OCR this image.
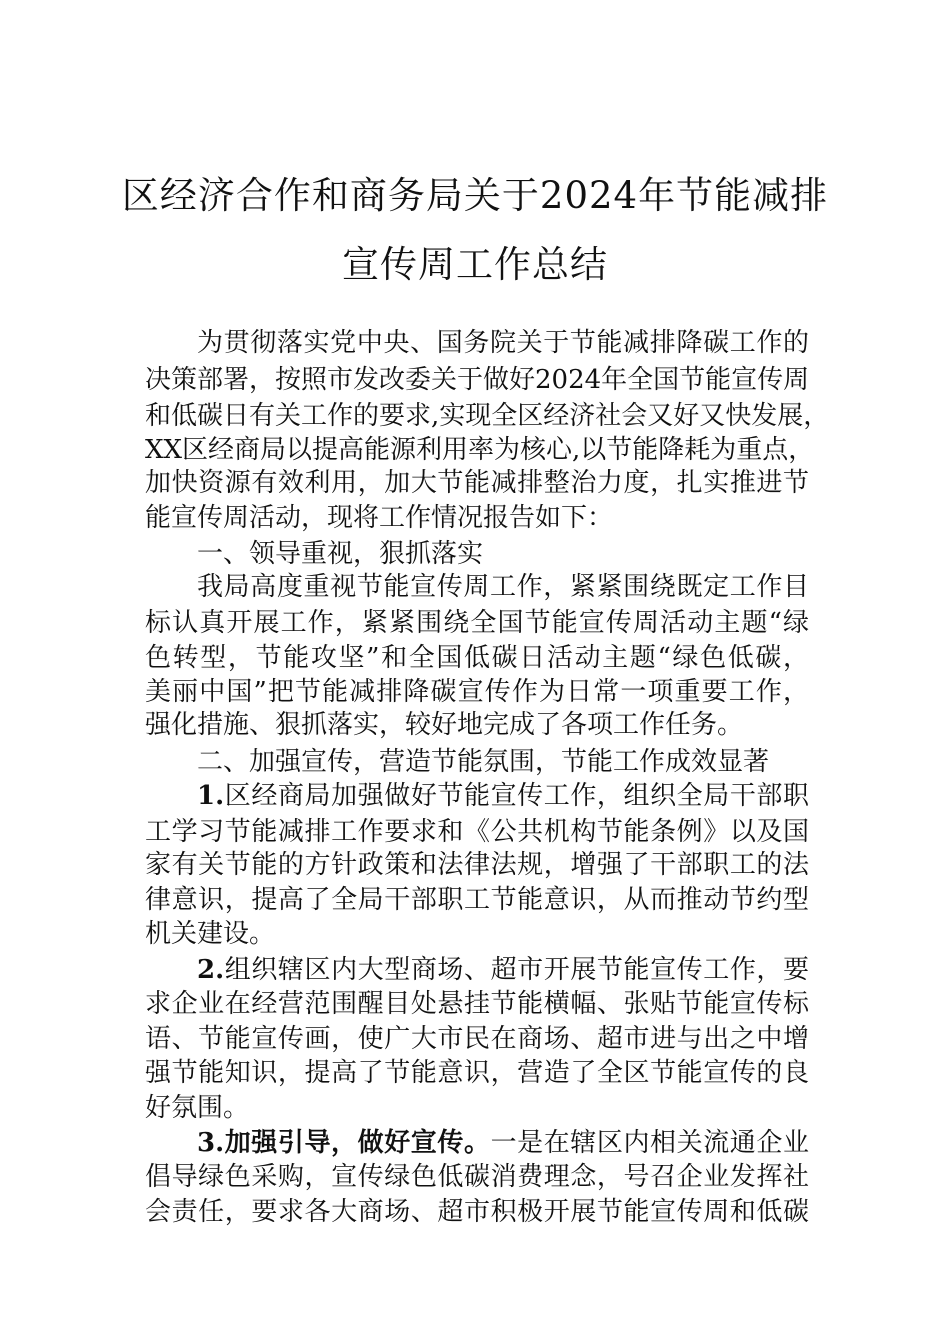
区经济合作和商务局关于2024年节能减排
宣传周工作总结
为贯彻落实党中央、国务院关于节能减排降碳工作的
决策部署，按照市发改委关于做好2024年全国节能宣传周
和低碳日有关工作的要求,实现全区经济社会又好又快发展，
XX区经商局以提高能源利用率为核心,以节能降耗为重点，
加快资源有效利用，加大节能减排整治力度，扎实推进节
能宣传周活动，现将工作情况报告如下：
一、领导重视，狠抓落实
我局高度重视节能宣传周工作，紧紧围绕既定工作目
标认真开展工作，紧紧围绕全国节能宣传周活动主题“绿
色转型，节能攻坚”和全国低碳日活动主题“绿色低碳，
美丽中国”把节能减排降碳宣传作为日常一项重要工作，
强化措施、狠抓落实，较好地完成了各项工作任务。
二、加强宣传，营造节能氛围，节能工作成效显著
1.区经商局加强做好节能宣传工作，组织全局干部职
工学习节能减排工作要求和《公共机构节能条例》以及国
家有关节能的方针政策和法律法规，增强了干部职工的法
律意识，提高了全局干部职工节能意识，从而推动节约型
机关建设。
2.组织辖区内大型商场、超市开展节能宣传工作，要
求企业在经营范围醒目处悬挂节能横幅、张贴节能宣传标
语、节能宣传画，使广大市民在商场、超市进与出之中增
强节能知识，提高了节能意识，营造了全区节能宣传的良
好氛围。
3.加强引导，做好宣传。一是在辖区内相关流通企业
倡导绿色采购，宣传绿色低碳消费理念，号召企业发挥社
会责任，要求各大商场、超市积极开展节能宣传周和低碳
